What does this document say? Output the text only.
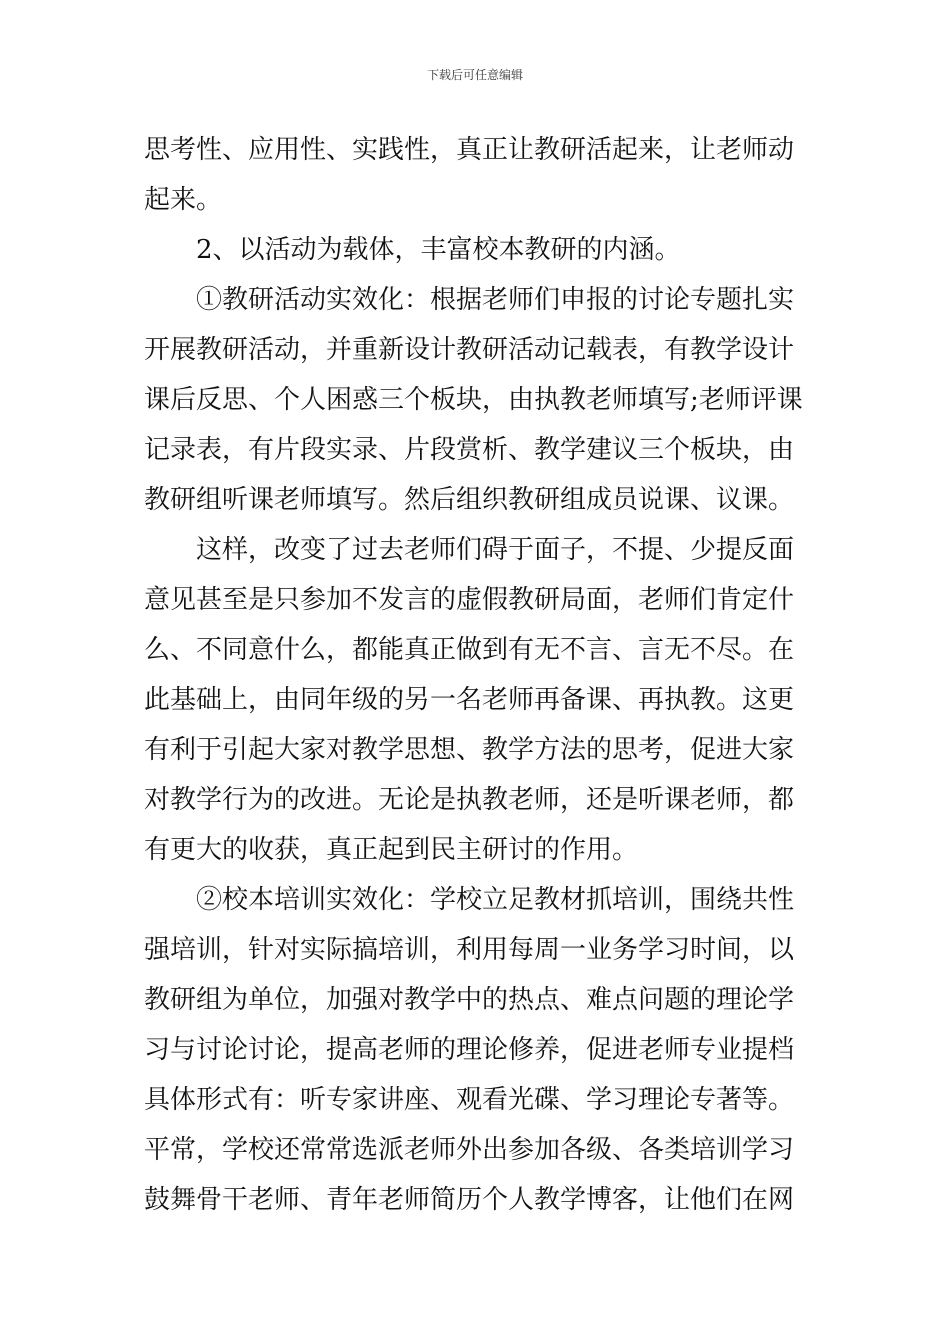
下载后可任意编辑
思考性、应用性、实践性，真正让教研活起来，让老师动
起来。
2、以活动为载体，丰富校本教研的内涵。
①教研活动实效化：根据老师们申报的讨论专题扎实
开展教研活动，并重新设计教研活动记载表，有教学设计
课后反思、个人困惑三个板块，由执教老师填写;老师评课
记录表，有片段实录、片段赏析、教学建议三个板块，由
教研组听课老师填写。然后组织教研组成员说课、议课。
这样，改变了过去老师们碍于面子，不提、少提反面
意见甚至是只参加不发言的虚假教研局面，老师们肯定什
么、不同意什么，都能真正做到有无不言、言无不尽。在
此基础上，由同年级的另一名老师再备课、再执教。这更
有利于引起大家对教学思想、教学方法的思考，促进大家
对教学行为的改进。无论是执教老师，还是听课老师，都
有更大的收获，真正起到民主研讨的作用。
②校本培训实效化：学校立足教材抓培训，围绕共性
强培训，针对实际搞培训，利用每周一业务学习时间，以
教研组为单位，加强对教学中的热点、难点问题的理论学
习与讨论讨论，提高老师的理论修养，促进老师专业提档
具体形式有：听专家讲座、观看光碟、学习理论专著等。
平常，学校还常常选派老师外出参加各级、各类培训学习
鼓舞骨干老师、青年老师简历个人教学博客，让他们在网
